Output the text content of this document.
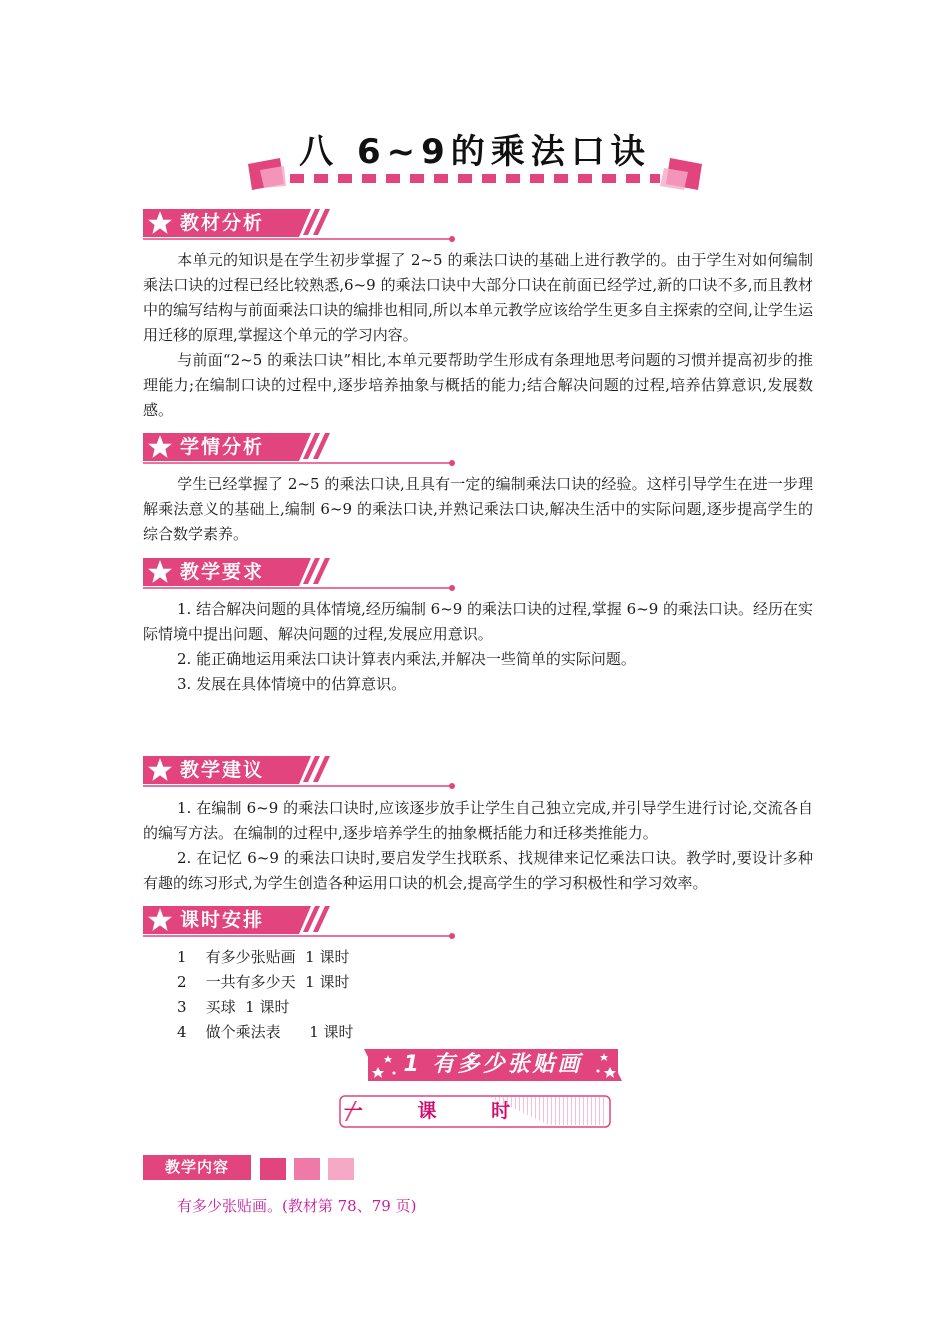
八 6~9的乘法口诀
教材分析

本单元的知识是在学生初步掌握了 2~5 的乘法口诀的基础上进行教学的。由于学生对如何编制乘法口诀的过程已经比较熟悉,6~9 的乘法口诀中大部分口诀在前面已经学过,新的口诀不多,而且教材中的编写结构与前面乘法口诀的编排也相同,所以本单元教学应该给学生更多自主探索的空间,让学生运用迁移的原理,掌握这个单元的学习内容。

与前面“2~5 的乘法口诀”相比,本单元要帮助学生形成有条理地思考问题的习惯并提高初步的推理能力;在编制口诀的过程中,逐步培养抽象与概括的能力;结合解决问题的过程,培养估算意识,发展数感。

学情分析

学生已经掌握了 2~5 的乘法口诀,且具有一定的编制乘法口诀的经验。这样引导学生在进一步理解乘法意义的基础上,编制 6~9 的乘法口诀,并熟记乘法口诀,解决生活中的实际问题,逐步提高学生的综合数学素养。

教学要求

1. 结合解决问题的具体情境,经历编制 6~9 的乘法口诀的过程,掌握 6~9 的乘法口诀。经历在实际情境中提出问题、解决问题的过程,发展应用意识。

2. 能正确地运用乘法口诀计算表内乘法,并解决一些简单的实际问题。

3. 发展在具体情境中的估算意识。

教学建议

1. 在编制 6~9 的乘法口诀时,应该逐步放手让学生自己独立完成,并引导学生进行讨论,交流各自的编写方法。在编制的过程中,逐步培养学生的抽象概括能力和迁移类推能力。

2. 在记忆 6~9 的乘法口诀时,要启发学生找联系、找规律来记忆乘法口诀。教学时,要设计多种有趣的练习形式,为学生创造各种运用口诀的机会,提高学生的学习积极性和学习效率。

课时安排
1    有多少张贴画  1 课时
2    一共有多少天  1 课时
3    买球  1 课时
4    做个乘法表      1 课时
1 有多少张贴画
一 课 时
教学内容
有多少张贴画。(教材第 78、79 页)
